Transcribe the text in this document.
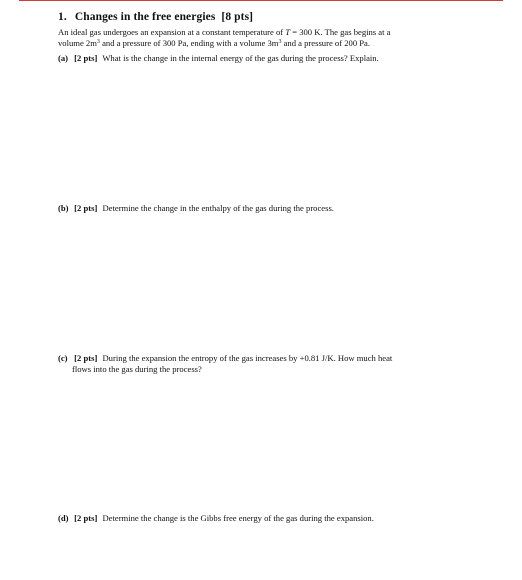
1. Changes in the free energies [8 pts]

An ideal gas undergoes an expansion at a constant temperature of T = 300 K. The gas begins at a
volume $2m^3$ and a pressure of 300 Pa, ending with a volume $3m^3$ and a pressure of 200 Pa.

(a) [2 pts] What is the change in the internal energy of the gas during the process? Explain.
(b) [2 pts] Determine the change in the enthalpy of the gas during the process.
(c) [2 pts] During the expansion the entropy of the gas increases by +0.81 J/K. How much heat
flows into the gas during the process?
(d) [2 pts] Determine the change is the Gibbs free energy of the gas during the expansion.
